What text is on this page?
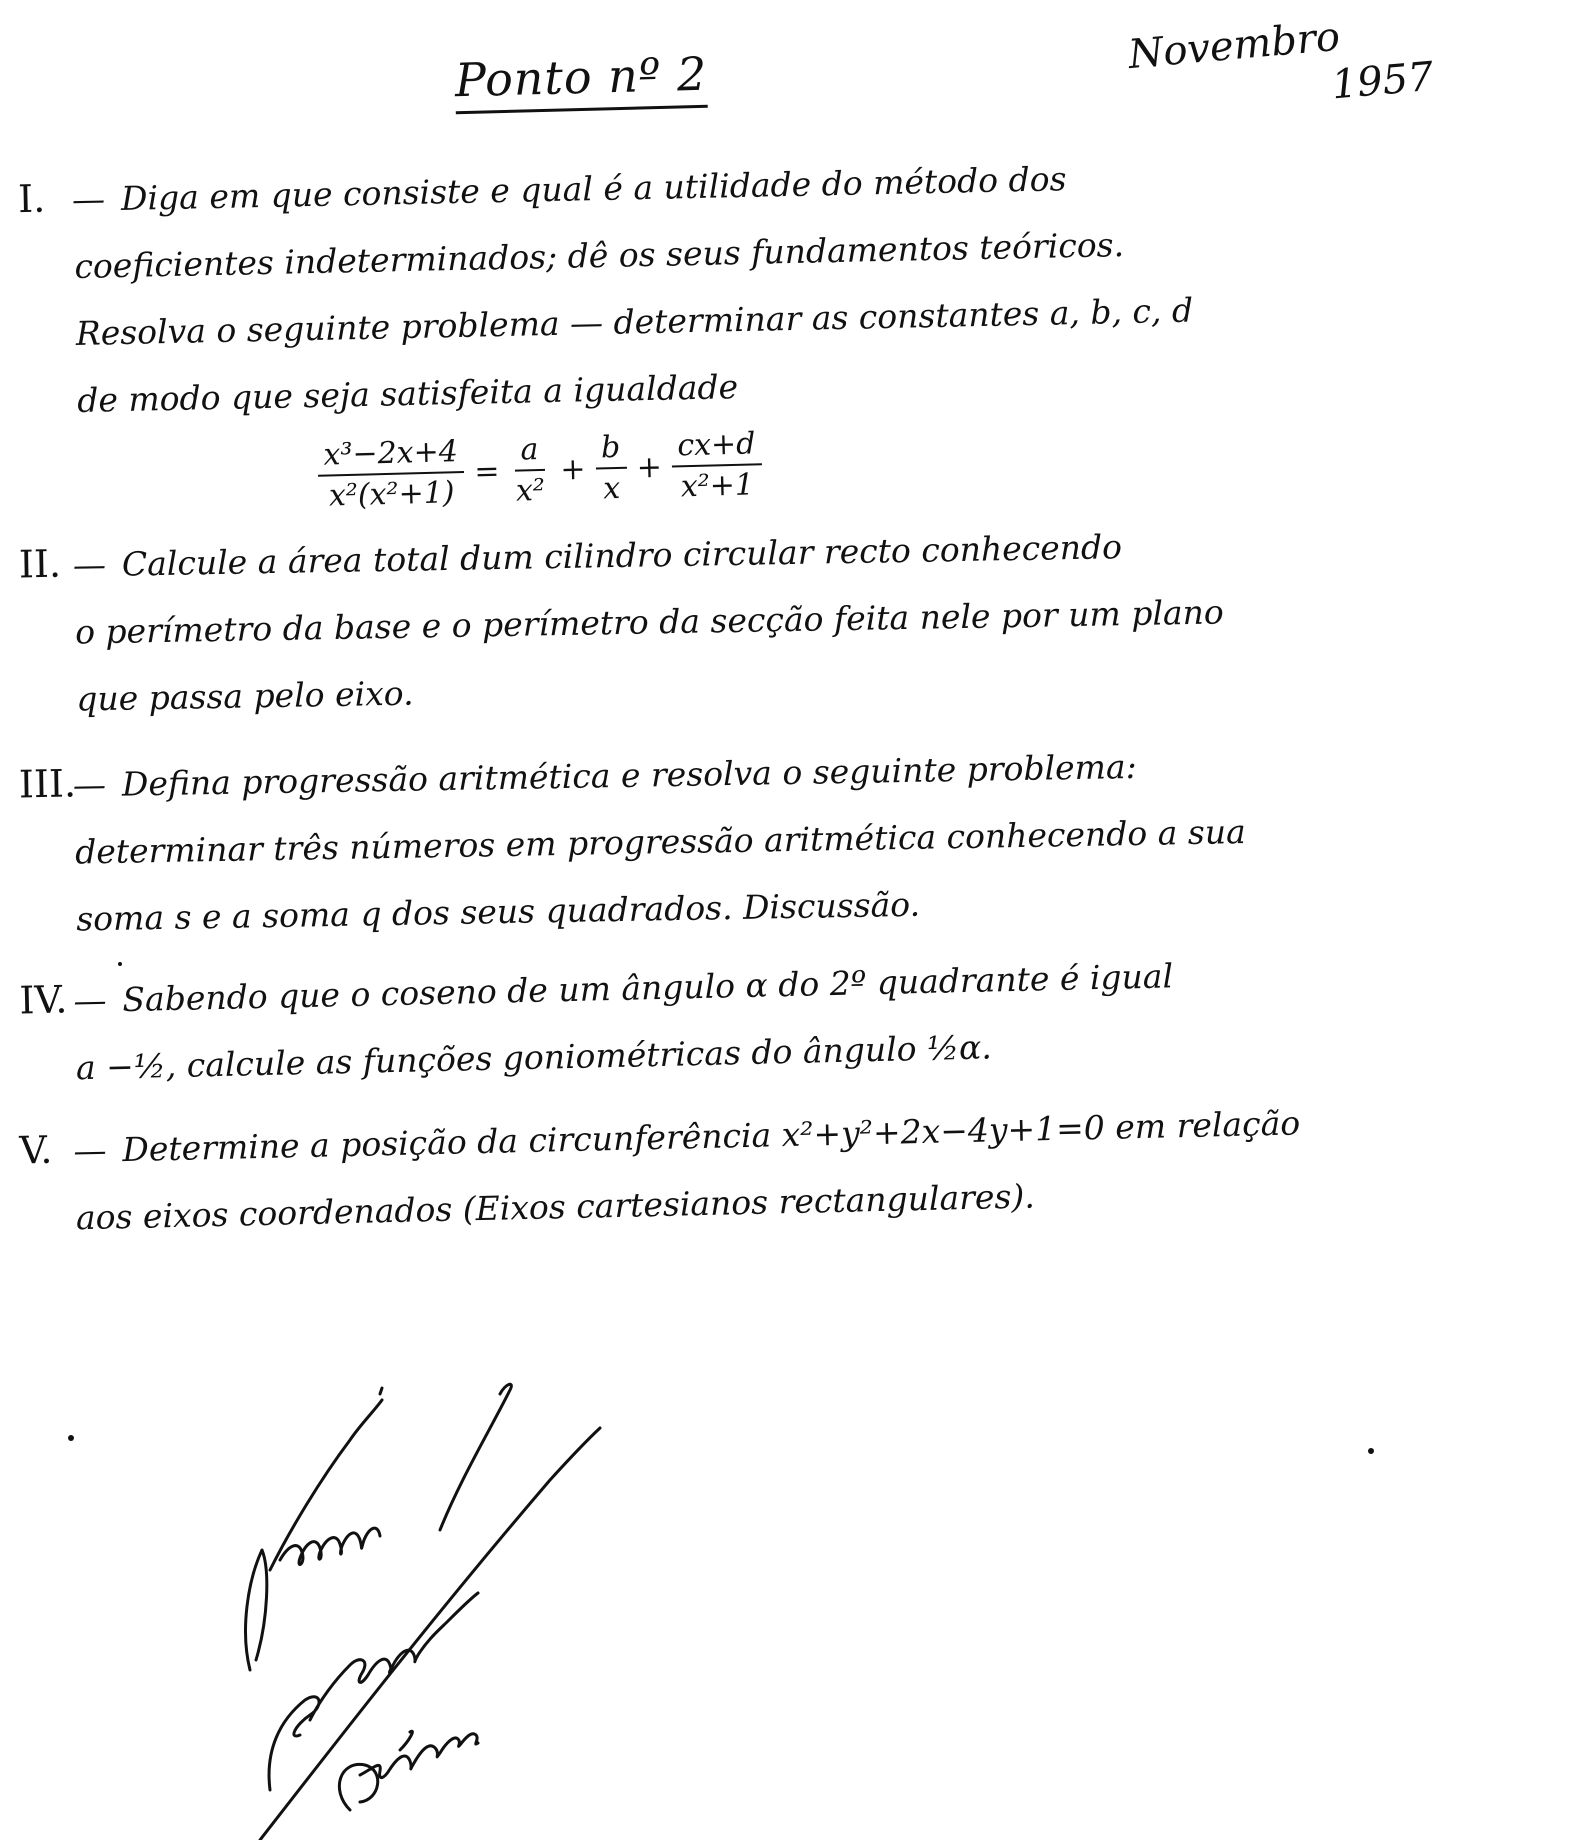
Ponto nº 2	Novembro
1957
I. — Diga em que consiste e qual é a utilidade do método dos
coeficientes indeterminados; dê os seus fundamentos teóricos.
Resolva o seguinte problema — determinar as constantes a, b, c, d
de modo que seja satisfeita a igualdade
$\frac{\text{x³−2x+4}}{\text{x²(x²+1)}} = \frac{a}{\text{x²}} + \frac{b}{x} + \frac{cx+d}{\text{x²+1}}$
II. — Calcule a área total dum cilindro circular recto conhecendo
o perímetro da base e o perímetro da secção feita nele por um plano
que passa pelo eixo.
III.— Defina progressão aritmética e resolva o seguinte problema:
determinar três números em progressão aritmética conhecendo a sua
soma s e a soma q dos seus quadrados. Discussão.
IV. — Sabendo que o coseno de um ângulo α do 2º quadrante é igual
a −½, calcule as funções goniométricas do ângulo ½α.
V. — Determine a posição da circunferência x²+y²+2x−4y+1=0 em relação
aos eixos coordenados (Eixos cartesianos rectangulares).
